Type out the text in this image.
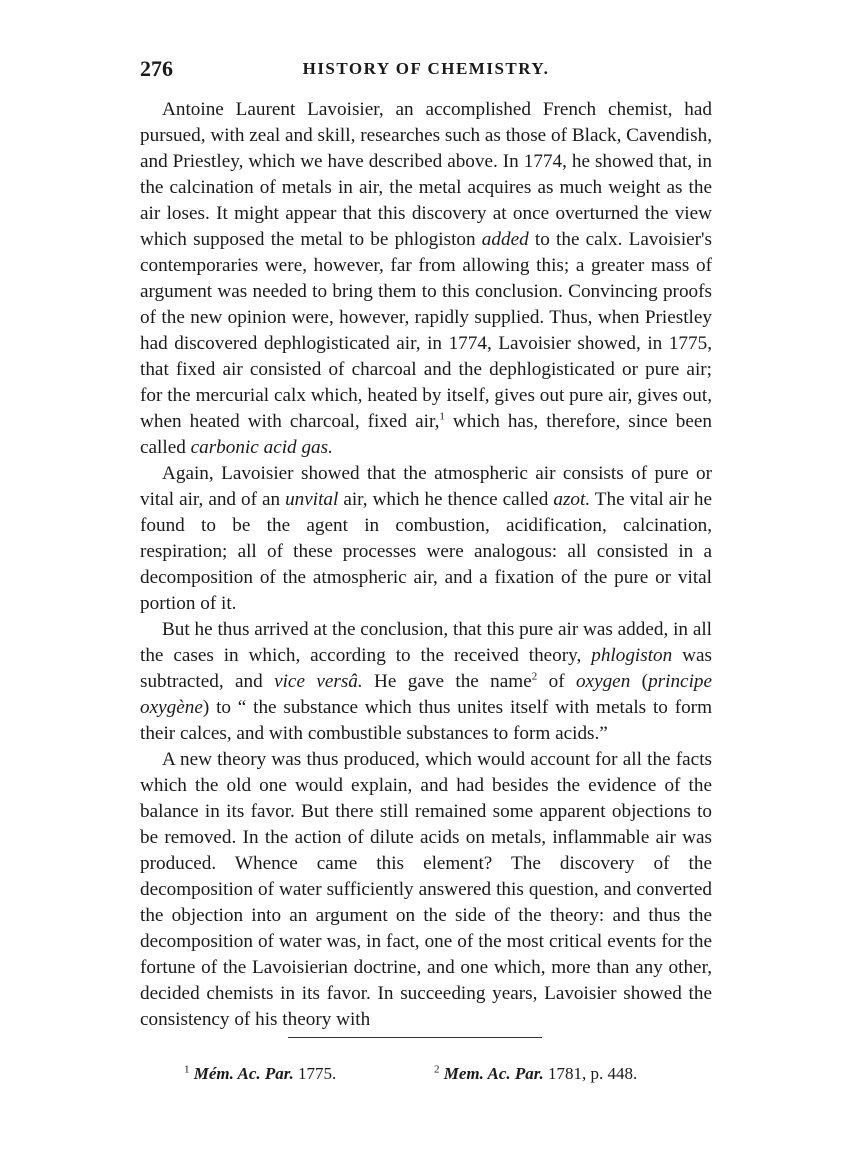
276	HISTORY OF CHEMISTRY.

Antoine Laurent Lavoisier, an accomplished French chemist, had pursued, with zeal and skill, researches such as those of Black, Cavendish, and Priestley, which we have described above. In 1774, he showed that, in the calcination of metals in air, the metal acquires as much weight as the air loses. It might appear that this discovery at once overturned the view which supposed the metal to be phlogiston added to the calx. Lavoisier's contemporaries were, however, far from allowing this; a greater mass of argument was needed to bring them to this conclusion. Convincing proofs of the new opinion were, however, rapidly supplied. Thus, when Priestley had discovered dephlogisticated air, in 1774, Lavoisier showed, in 1775, that fixed air consisted of charcoal and the dephlogisticated or pure air; for the mercurial calx which, heated by itself, gives out pure air, gives out, when heated with charcoal, fixed air,$^1$ which has, therefore, since been called carbonic acid gas.

Again, Lavoisier showed that the atmospheric air consists of pure or vital air, and of an unvital air, which he thence called azot. The vital air he found to be the agent in combustion, acidification, calcination, respiration; all of these processes were analogous: all consisted in a decomposition of the atmospheric air, and a fixation of the pure or vital portion of it.

But he thus arrived at the conclusion, that this pure air was added, in all the cases in which, according to the received theory, phlogiston was subtracted, and vice versâ. He gave the name$^2$ of oxygen (principe oxygène) to “ the substance which thus unites itself with metals to form their calces, and with combustible substances to form acids.”

A new theory was thus produced, which would account for all the facts which the old one would explain, and had besides the evidence of the balance in its favor. But there still remained some apparent objections to be removed. In the action of dilute acids on metals, inflammable air was produced. Whence came this element? The discovery of the decomposition of water sufficiently answered this question, and converted the objection into an argument on the side of the theory: and thus the decomposition of water was, in fact, one of the most critical events for the fortune of the Lavoisierian doctrine, and one which, more than any other, decided chemists in its favor. In succeeding years, Lavoisier showed the consistency of his theory with

$^1$ Mém. Ac. Par. 1775.	$^2$ Mem. Ac. Par. 1781, p. 448.
